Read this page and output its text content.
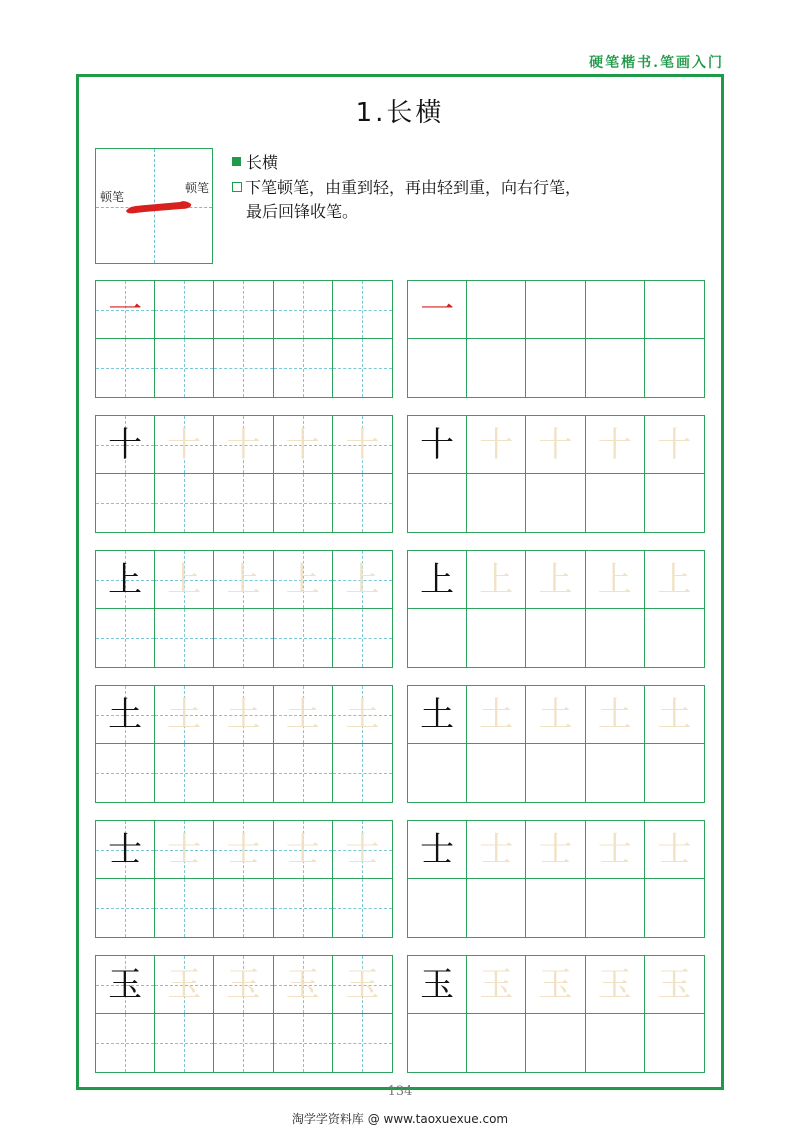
硬笔楷书.笔画入门
1.长横
顿笔
顿笔
长横
下笔顿笔，由重到轻，再由轻到重，向右行笔，
最后回锋收笔。
一	一
十 十 十 十 十 十 十 十 十 十
上 上 上 上 上 上 上 上 上 上
土 土 土 土 土 土 土 土 土 土
士 士 士 士 士 士 士 士 士 士
玉 玉 玉 玉 玉 玉 玉 玉 玉 玉
134
淘学学资料库 @ www.taoxuexue.com
